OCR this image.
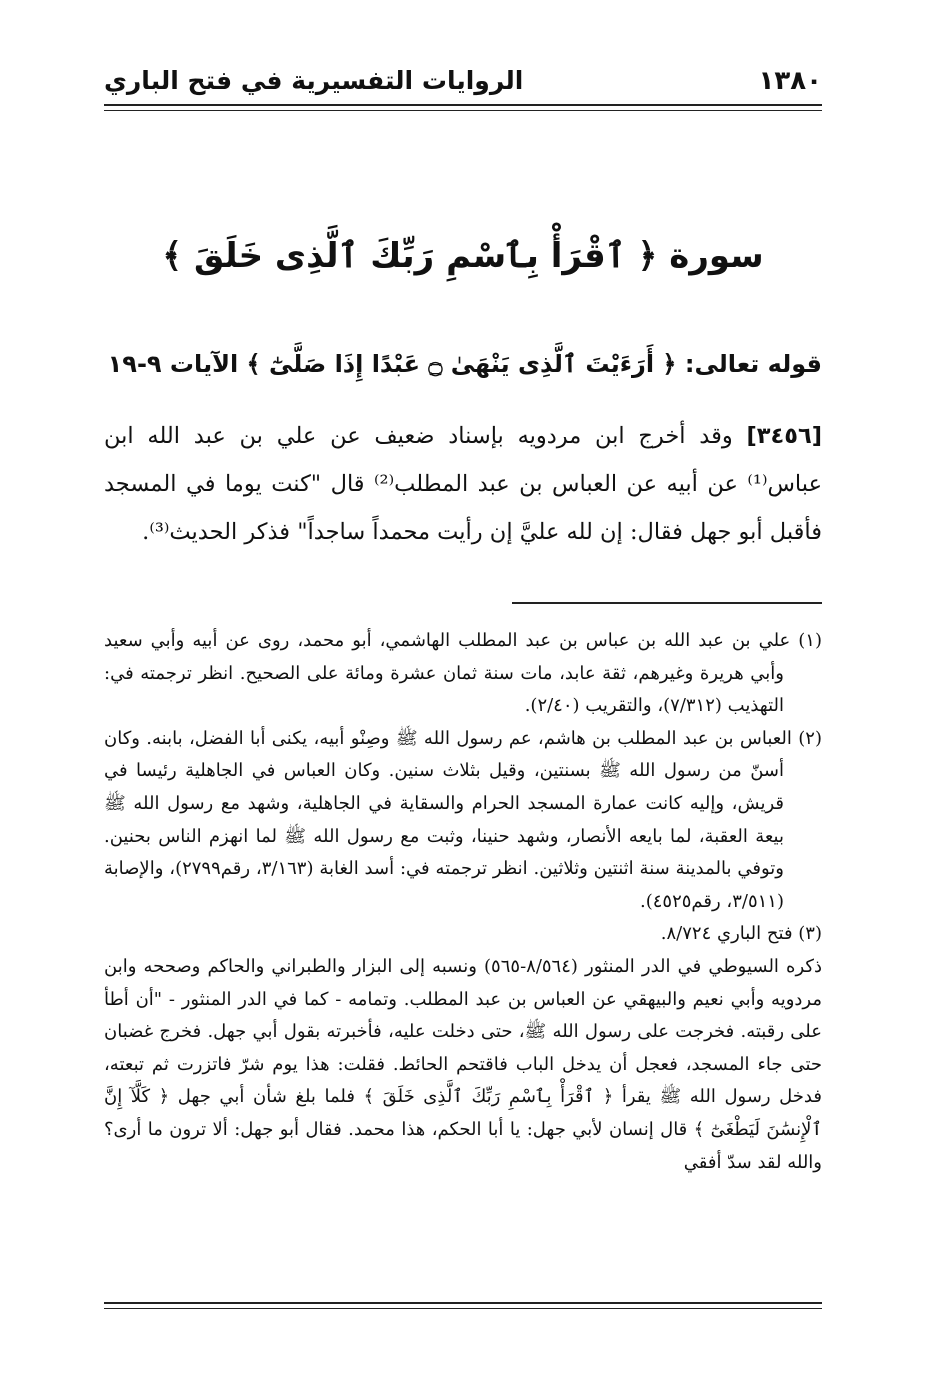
١٣٨٠
الروايات التفسيرية في فتح الباري
سورة ﴿ ٱقْرَأْ بِٱسْمِ رَبِّكَ ٱلَّذِى خَلَقَ ﴾
قوله تعالى: ﴿ أَرَءَيْتَ ٱلَّذِى يَنْهَىٰ ۝ عَبْدًا إِذَا صَلَّىٰٓ ﴾ الآيات ٩-١٩
[٣٤٥٦] وقد أخرج ابن مردويه بإسناد ضعيف عن علي بن عبد الله ابن عباس⁽¹⁾ عن أبيه عن العباس بن عبد المطلب⁽²⁾ قال "كنت يوما في المسجد فأقبل أبو جهل فقال: إن لله عليَّ إن رأيت محمداً ساجداً" فذكر الحديث⁽³⁾.

(١) علي بن عبد الله بن عباس بن عبد المطلب الهاشمي، أبو محمد، روى عن أبيه وأبي سعيد وأبي هريرة وغيرهم، ثقة عابد، مات سنة ثمان عشرة ومائة على الصحيح. انظر ترجمته في: التهذيب (٧/٣١٢)، والتقريب (٢/٤٠).

(٢) العباس بن عبد المطلب بن هاشم، عم رسول الله ﷺ وصِنْو أبيه، يكنى أبا الفضل، بابنه. وكان أسنّ من رسول الله ﷺ بسنتين، وقيل بثلاث سنين. وكان العباس في الجاهلية رئيسا في قريش، وإليه كانت عمارة المسجد الحرام والسقاية في الجاهلية، وشهد مع رسول الله ﷺ بيعة العقبة، لما بايعه الأنصار، وشهد حنينا، وثبت مع رسول الله ﷺ لما انهزم الناس بحنين. وتوفي بالمدينة سنة اثنتين وثلاثين. انظر ترجمته في: أسد الغابة (٣/١٦٣، رقم٢٧٩٩)، والإصابة (٣/٥١١، رقم٤٥٢٥).

(٣) فتح الباري ٨/٧٢٤.

ذكره السيوطي في الدر المنثور (٨/٥٦٤-٥٦٥) ونسبه إلى البزار والطبراني والحاكم وصححه وابن مردويه وأبي نعيم والبيهقي عن العباس بن عبد المطلب. وتمامه - كما في الدر المنثور - "أن أطأ على رقبته. فخرجت على رسول الله ﷺ، حتى دخلت عليه، فأخبرته بقول أبي جهل. فخرج غضبان حتى جاء المسجد، فعجل أن يدخل الباب فاقتحم الحائط. فقلت: هذا يوم شرّ فاتزرت ثم تبعته، فدخل رسول الله ﷺ يقرأ ﴿ ٱقْرَأْ بِٱسْمِ رَبِّكَ ٱلَّذِى خَلَقَ ﴾ فلما بلغ شأن أبي جهل ﴿ كَلَّآ إِنَّ ٱلْإِنسَٰنَ لَيَطْغَىٰٓ ﴾ قال إنسان لأبي جهل: يا أبا الحكم، هذا محمد. فقال أبو جهل: ألا ترون ما أرى؟ والله لقد سدّ أفقي
